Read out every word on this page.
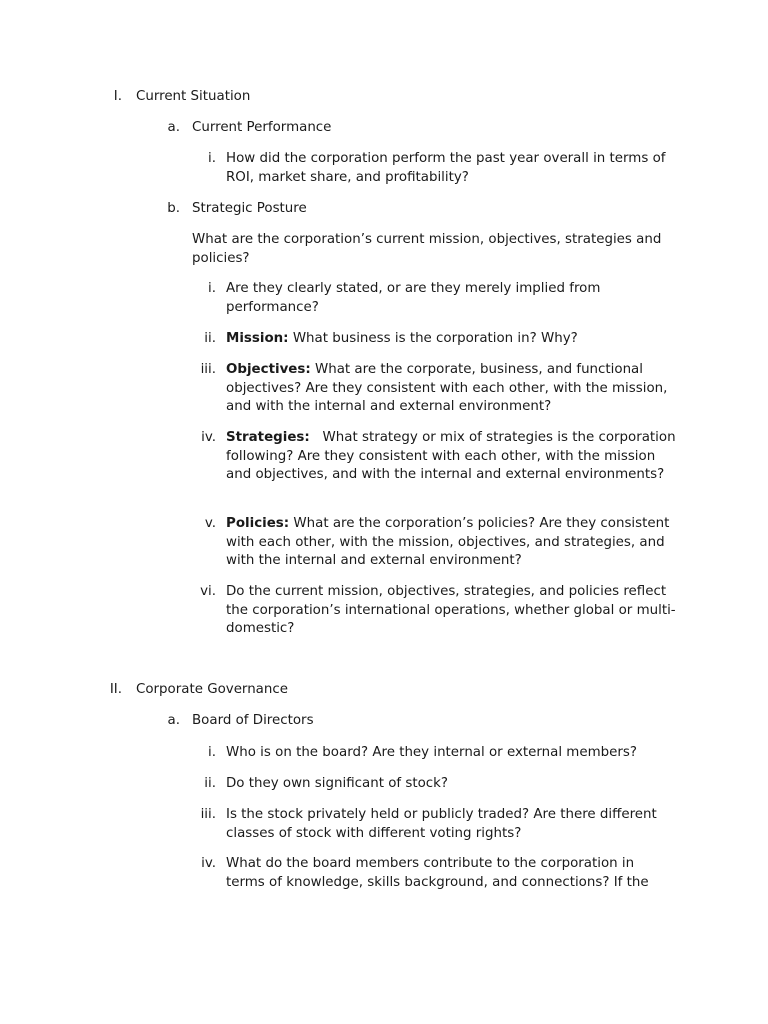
I. Current Situation
a. Current Performance
i. How did the corporation perform the past year overall in terms of ROI, market share, and profitability?
b. Strategic Posture
What are the corporation’s current mission, objectives, strategies and policies?
i. Are they clearly stated, or are they merely implied from performance?
ii. Mission: What business is the corporation in? Why?
iii. Objectives: What are the corporate, business, and functional objectives? Are they consistent with each other, with the mission, and with the internal and external environment?
iv. Strategies: What strategy or mix of strategies is the corporation following? Are they consistent with each other, with the mission and objectives, and with the internal and external environments?
v. Policies: What are the corporation’s policies? Are they consistent with each other, with the mission, objectives, and strategies, and with the internal and external environment?
vi. Do the current mission, objectives, strategies, and policies reflect the corporation’s international operations, whether global or multi-domestic?
II. Corporate Governance
a. Board of Directors
i. Who is on the board? Are they internal or external members?
ii. Do they own significant of stock?
iii. Is the stock privately held or publicly traded? Are there different classes of stock with different voting rights?
iv. What do the board members contribute to the corporation in terms of knowledge, skills background, and connections? If the
